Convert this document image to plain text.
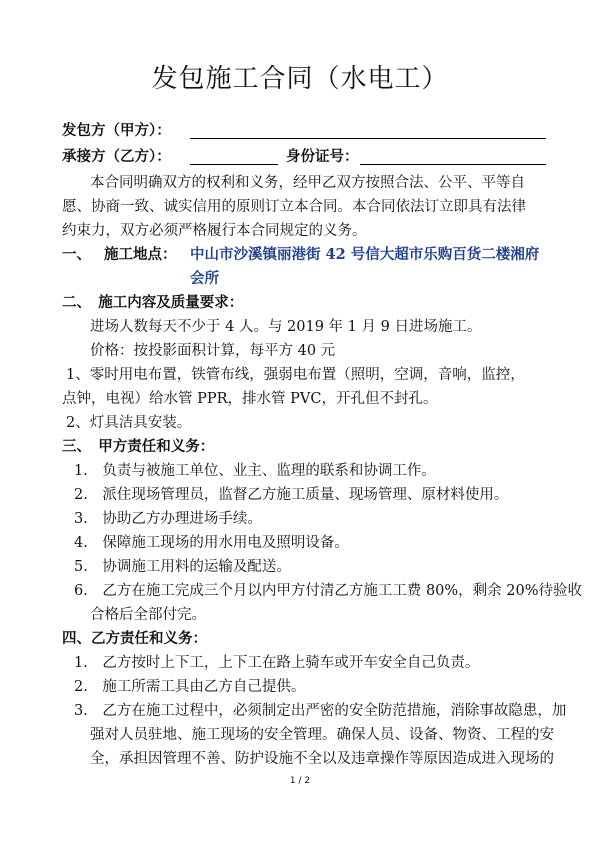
发包施工合同（水电工）
发包方（甲方）：
承接方（乙方）：	身份证号：
本合同明确双方的权利和义务，经甲乙双方按照合法、公平、平等自
愿、协商一致、诚实信用的原则订立本合同。本合同依法订立即具有法律
约束力，双方必须严格履行本合同规定的义务。
一、 施工地点： 中山市沙溪镇丽港街 42 号信大超市乐购百货二楼湘府
会所
二、　施工内容及质量要求：
进场人数每天不少于 4 人。与 2019 年 1 月 9 日进场施工。
价格：按投影面积计算，每平方 40 元
1、零时用电布置，铁管布线，强弱电布置（照明，空调，音响，监控，
点钟，电视）给水管 PPR，排水管 PVC，开孔但不封孔。
2、灯具洁具安装。
三、　甲方责任和义务：
1.　负责与被施工单位、业主、监理的联系和协调工作。
2.　派住现场管理员，监督乙方施工质量、现场管理、原材料使用。
3.　协助乙方办理进场手续。
4.　保障施工现场的用水用电及照明设备。
5.　协调施工用料的运输及配送。
6.　乙方在施工完成三个月以内甲方付清乙方施工工费 80%，剩余 20%待验收
合格后全部付完。
四、乙方责任和义务：
1.　乙方按时上下工，上下工在路上骑车或开车安全自己负责。
2.　施工所需工具由乙方自己提供。
3.　乙方在施工过程中，必须制定出严密的安全防范措施，消除事故隐患，加
强对人员驻地、施工现场的安全管理。确保人员、设备、物资、工程的安
全，承担因管理不善、防护设施不全以及违章操作等原因造成进入现场的
1 / 2
